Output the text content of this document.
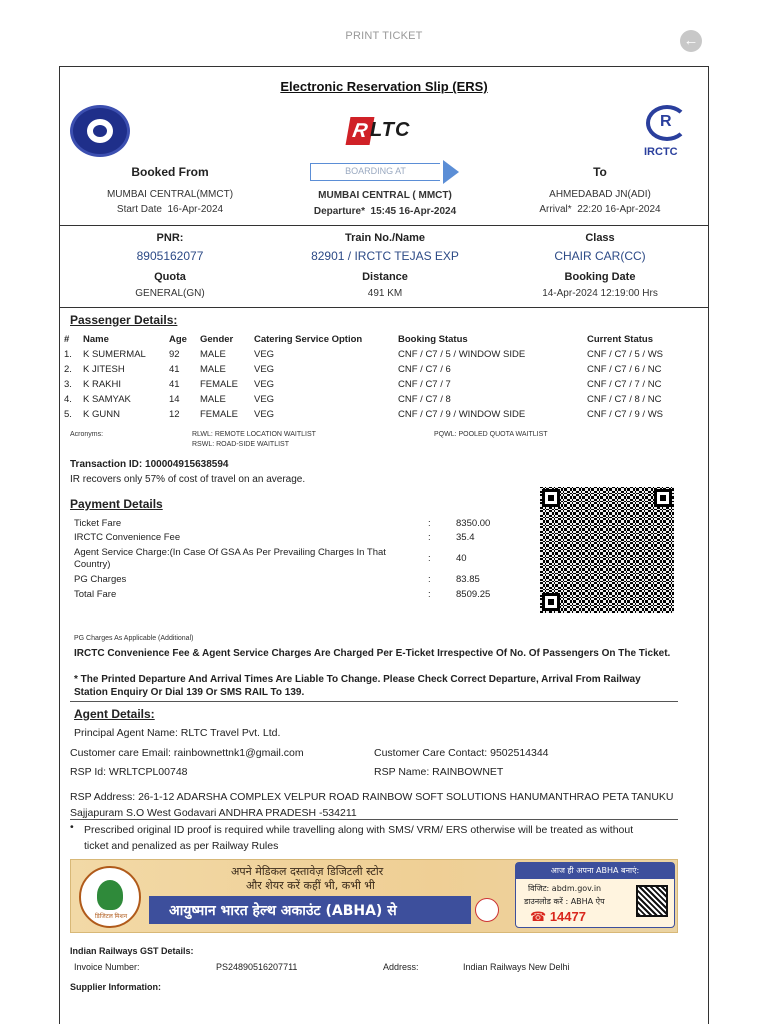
PRINT TICKET	←
Electronic Reservation Slip (ERS)
R LTC	R
IRCTC
Booked From
MUMBAI CENTRAL(MMCT)
Start Date 16-Apr-2024
BOARDING AT
MUMBAI CENTRAL ( MMCT)
Departure* 15:45 16-Apr-2024
To
AHMEDABAD JN(ADI)
Arrival* 22:20 16-Apr-2024
PNR:
8905162077
Train No./Name
82901 / IRCTC TEJAS EXP
Class
CHAIR CAR(CC)
Quota
GENERAL(GN)
Distance
491 KM
Booking Date
14-Apr-2024 12:19:00 Hrs
Passenger Details:
#	Name	Age	Gender	Catering Service Option	Booking Status	Current Status
1.	K SUMERMAL	92	MALE	VEG	CNF / C7 / 5 / WINDOW SIDE	CNF / C7 / 5 / WS
2.	K JITESH	41	MALE	VEG	CNF / C7 / 6	CNF / C7 / 6 / NC
3.	K RAKHI	41	FEMALE	VEG	CNF / C7 / 7	CNF / C7 / 7 / NC
4.	K SAMYAK	14	MALE	VEG	CNF / C7 / 8	CNF / C7 / 8 / NC
5.	K GUNN	12	FEMALE	VEG	CNF / C7 / 9 / WINDOW SIDE	CNF / C7 / 9 / WS
Acronyms:	RLWL: REMOTE LOCATION WAITLIST
RSWL: ROAD-SIDE WAITLIST
PQWL: POOLED QUOTA WAITLIST
Transaction ID: 100004915638594
IR recovers only 57% of cost of travel on an average.
Payment Details
Ticket Fare	:	8350.00
IRCTC Convenience Fee	:	35.4
Agent Service Charge:(In Case Of GSA As Per Prevailing Charges In That Country)
:	40
PG Charges	:	83.85
Total Fare	:	8509.25
PG Charges As Applicable (Additional)
IRCTC Convenience Fee & Agent Service Charges Are Charged Per E-Ticket Irrespective Of No. Of Passengers On The Ticket.
* The Printed Departure And Arrival Times Are Liable To Change. Please Check Correct Departure, Arrival From Railway Station Enquiry Or Dial 139 Or SMS RAIL To 139.
Agent Details:
Principal Agent Name: RLTC Travel Pvt. Ltd.
Customer care Email: rainbownettnk1@gmail.com	Customer Care Contact: 9502514344
RSP Id: WRLTCPL00748	RSP Name: RAINBOWNET
RSP Address: 26-1-12 ADARSHA COMPLEX VELPUR ROAD RAINBOW SOFT SOLUTIONS HANUMANTHRAO PETA TANUKU Sajjapuram S.O West Godavari ANDHRA PRADESH -534211
• Prescribed original ID proof is required while travelling along with SMS/ VRM/ ERS otherwise will be treated as without ticket and penalized as per Railway Rules
डिजिटल मिशन
अपने मेडिकल दस्तावेज़ डिजिटली स्टोर
और शेयर करें कहीं भी, कभी भी
आयुष्मान भारत हेल्थ अकाउंट (ABHA) से
आज ही अपना ABHA बनाएं:
विजिट: abdm.gov.in
डाउनलोड करें : ABHA ऐप
☎ 14477
Indian Railways GST Details:
Invoice Number:	PS24890516207711	Address:	Indian Railways New Delhi
Supplier Information:
